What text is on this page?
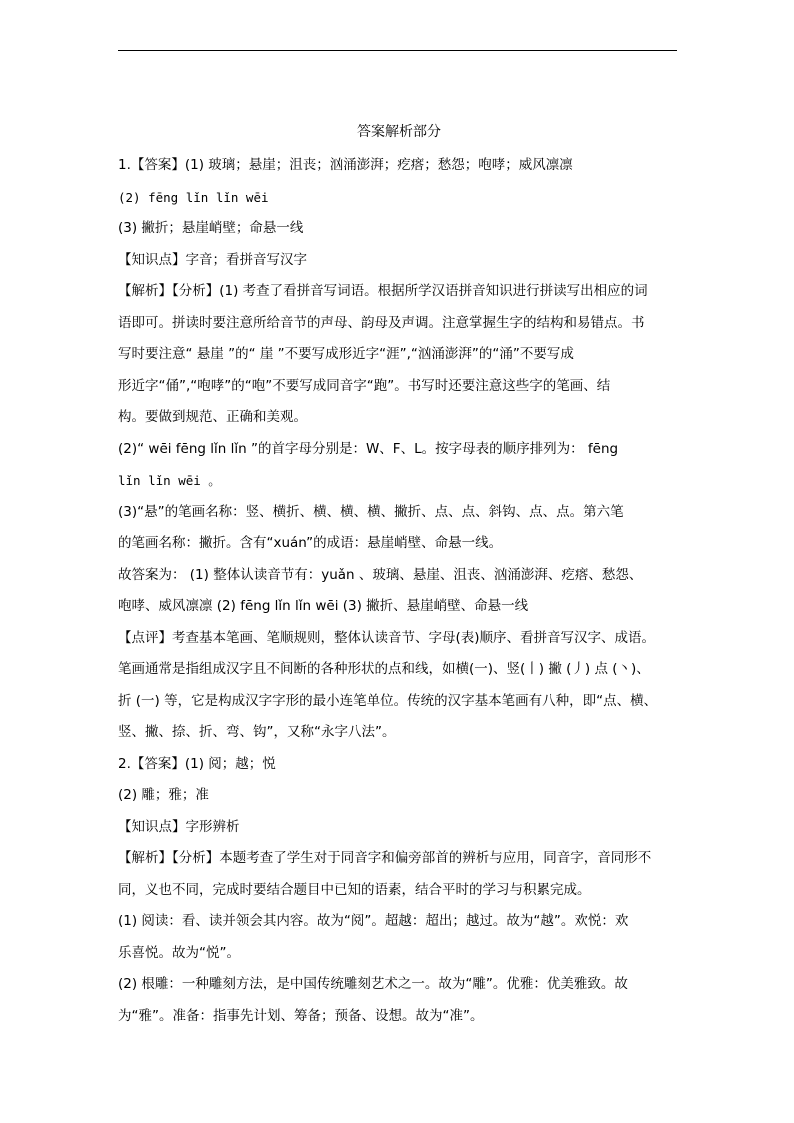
答案解析部分
1.【答案】(1) 玻璃；悬崖；沮丧；汹涌澎湃；疙瘩；愁怨；咆哮；威风凛凛
(2) fēng lǐn lǐn wēi
(3) 撇折；悬崖峭壁；命悬一线
【知识点】字音；看拼音写汉字
【解析】【分析】(1) 考查了看拼音写词语。根据所学汉语拼音知识进行拼读写出相应的词
语即可。拼读时要注意所给音节的声母、韵母及声调。注意掌握生字的结构和易错点。书
写时要注意“ 悬崖 ”的“ 崖 ”不要写成形近字“涯”,“汹涌澎湃”的“涌”不要写成
形近字“俑”,“咆哮”的“咆”不要写成同音字“跑”。书写时还要注意这些字的笔画、结
构。要做到规范、正确和美观。
(2)“ wēi fēng lǐn lǐn ”的首字母分别是：W、F、L。按字母表的顺序排列为： fēng
lǐn lǐn wēi 。
(3)“悬”的笔画名称：竖、横折、横、横、横、撇折、点、点、斜钩、点、点。第六笔
的笔画名称：撇折。含有“xuán”的成语：悬崖峭壁、命悬一线。
故答案为： (1) 整体认读音节有：yuǎn 、玻璃、悬崖、沮丧、汹涌澎湃、疙瘩、愁怨、
咆哮、威风凛凛 (2) fēng lǐn lǐn wēi (3) 撇折、悬崖峭壁、命悬一线
【点评】考查基本笔画、笔顺规则，整体认读音节、字母(表)顺序、看拼音写汉字、成语。
笔画通常是指组成汉字且不间断的各种形状的点和线，如横(一)、竖(丨) 撇 (丿) 点 (丶)、
折 (一) 等，它是构成汉字字形的最小连笔单位。传统的汉字基本笔画有八种，即“点、横、
竖、撇、捺、折、弯、钩”，又称“永字八法”。
2.【答案】(1) 阅；越；悦
(2) 雕；雅；准
【知识点】字形辨析
【解析】【分析】本题考查了学生对于同音字和偏旁部首的辨析与应用，同音字，音同形不
同，义也不同，完成时要结合题目中已知的语素，结合平时的学习与积累完成。
(1) 阅读：看、读并领会其内容。故为“阅”。超越：超出；越过。故为“越”。欢悦：欢
乐喜悦。故为“悦”。
(2) 根雕：一种雕刻方法，是中国传统雕刻艺术之一。故为“雕”。优雅：优美雅致。故
为“雅”。准备：指事先计划、筹备；预备、设想。故为“准”。
